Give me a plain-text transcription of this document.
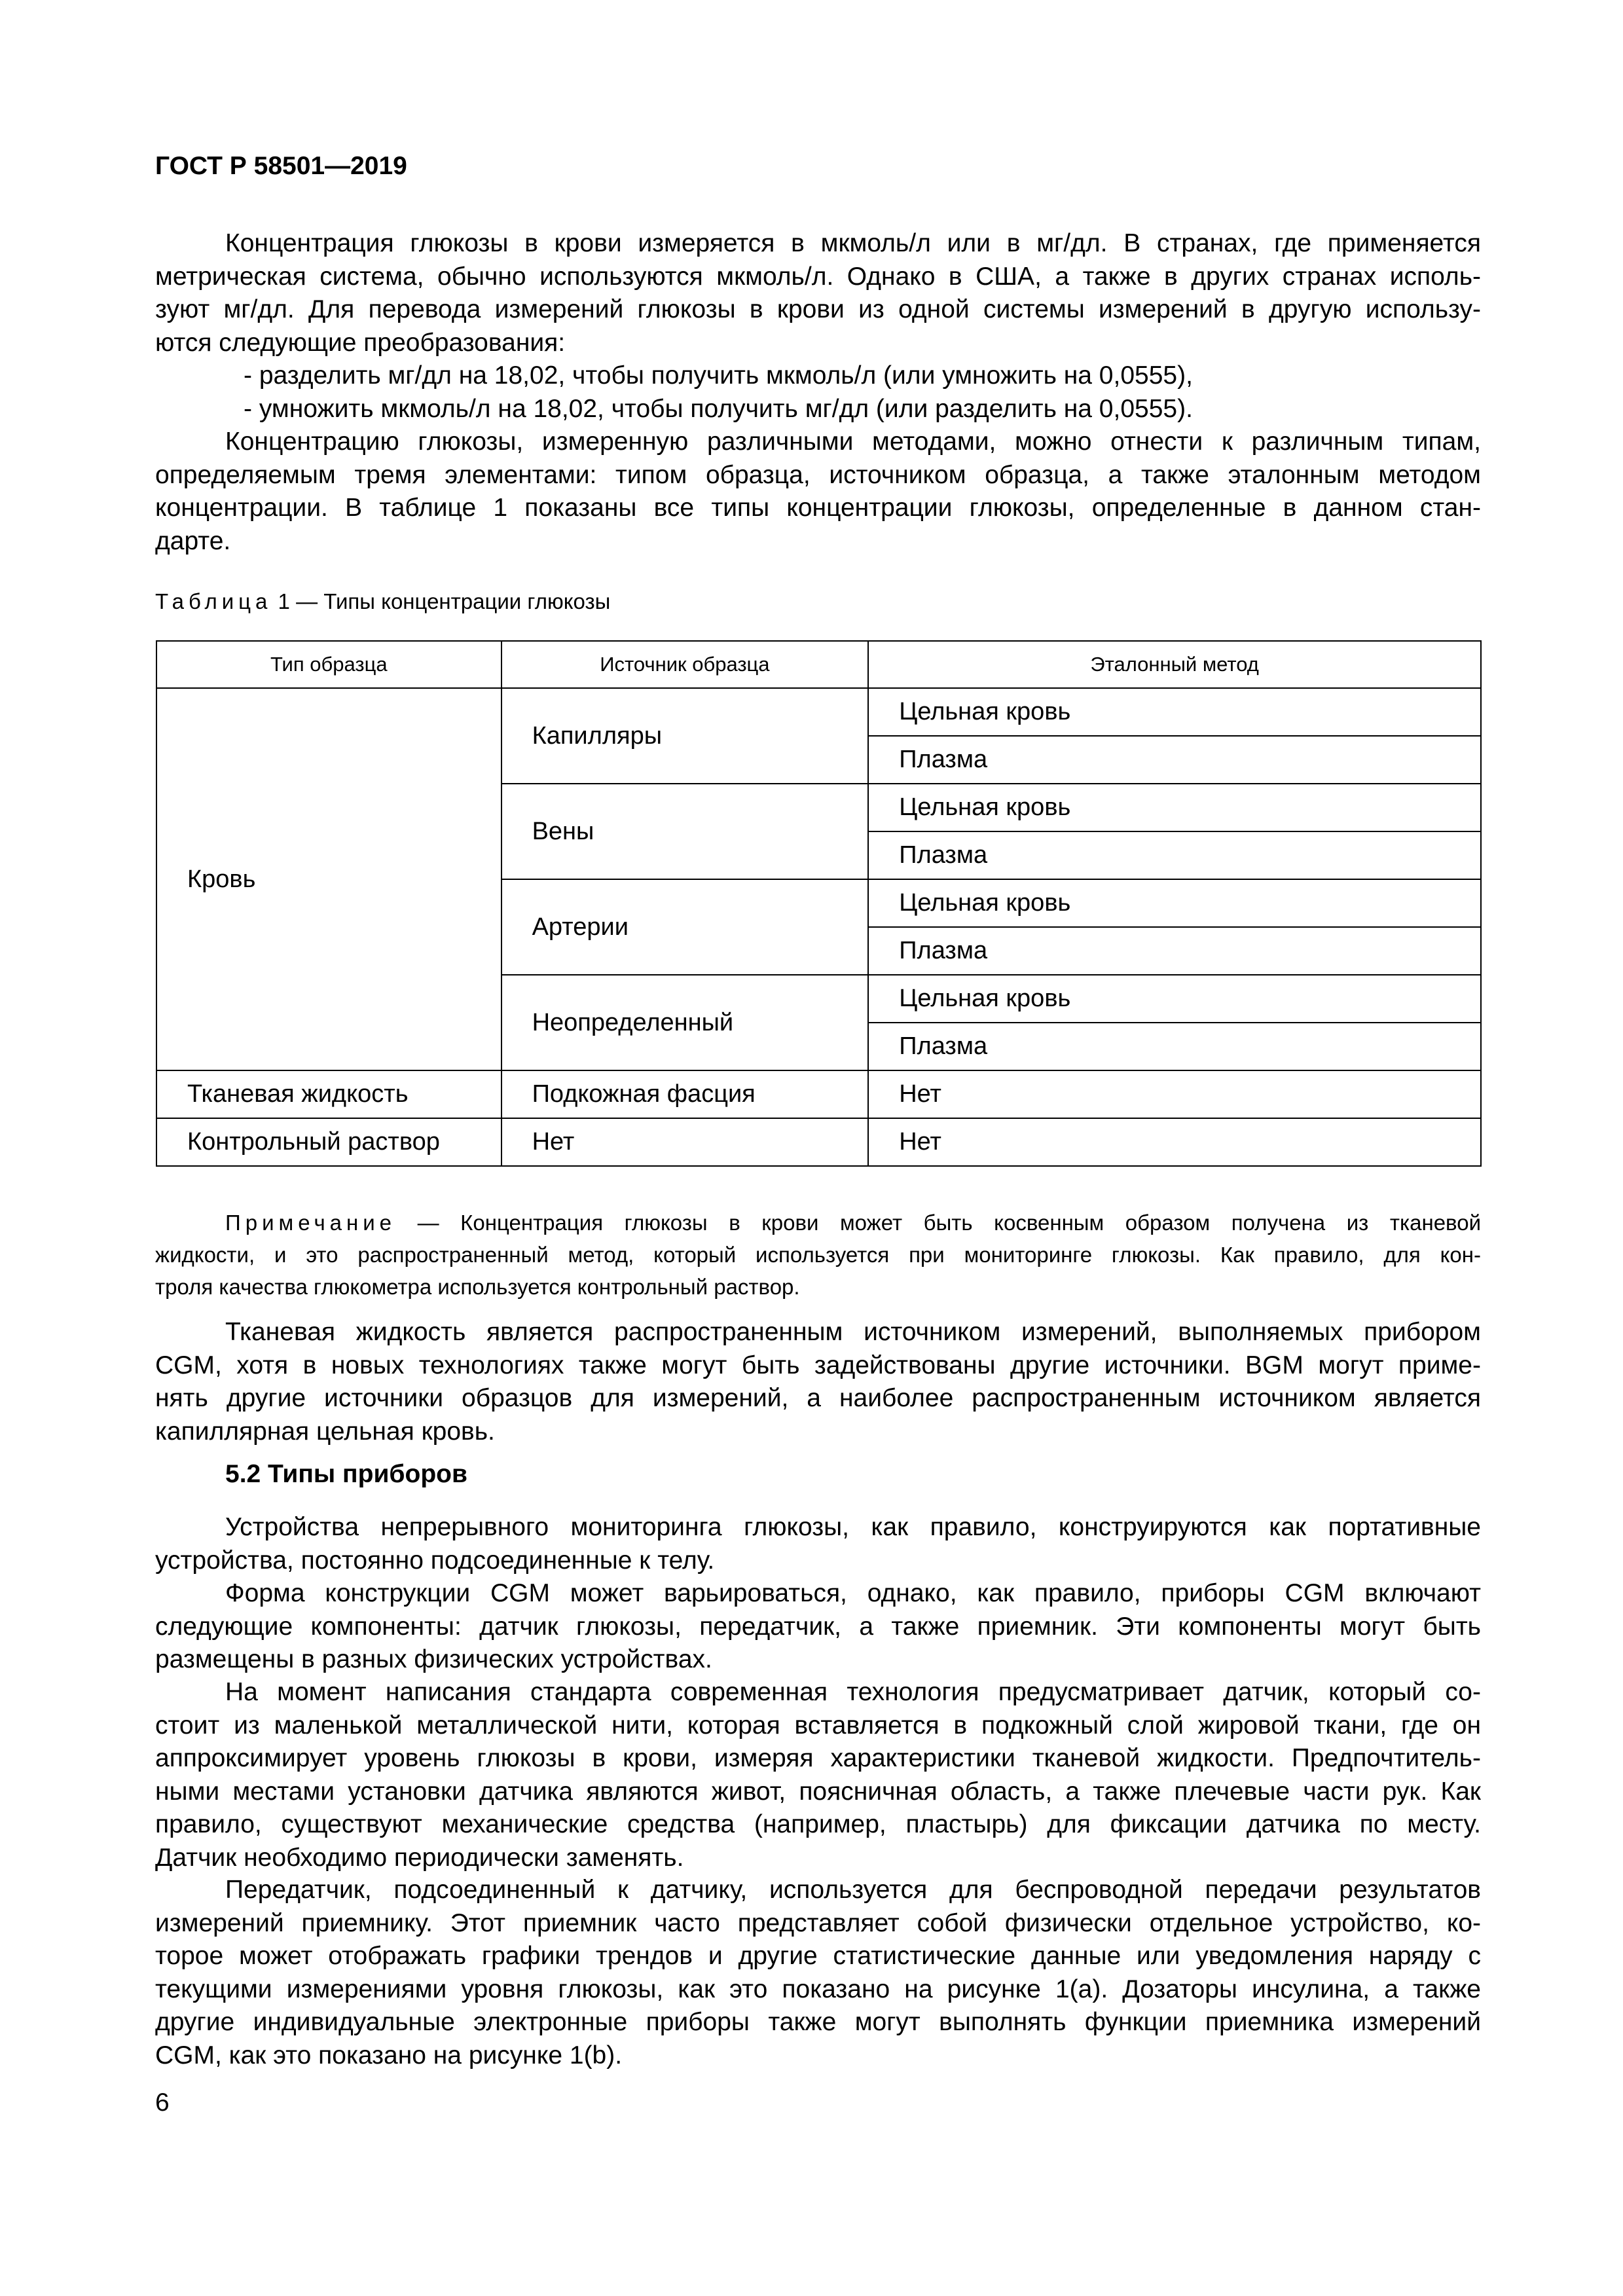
ГОСТ Р 58501—2019
Концентрация глюкозы в крови измеряется в мкмоль/л или в мг/дл. В странах, где применяется
метрическая система, обычно используются мкмоль/л. Однако в США, а также в других странах исполь-
зуют мг/дл. Для перевода измерений глюкозы в крови из одной системы измерений в другую использу-
ются следующие преобразования:
- разделить мг/дл на 18,02, чтобы получить мкмоль/л (или умножить на 0,0555),
- умножить мкмоль/л на 18,02, чтобы получить мг/дл (или разделить на 0,0555).
Концентрацию глюкозы, измеренную различными методами, можно отнести к различным типам,
определяемым тремя элементами: типом образца, источником образца, а также эталонным методом
концентрации. В таблице 1 показаны все типы концентрации глюкозы, определенные в данном стан-
дарте.
Таблица 1 — Типы концентрации глюкозы
Тип образца	Источник образца	Эталонный метод
Кровь	Капилляры	Цельная кровь
		Плазма
	Вены	Цельная кровь
		Плазма
	Артерии	Цельная кровь
		Плазма
	Неопределенный	Цельная кровь
		Плазма
Тканевая жидкость	Подкожная фасция	Нет
Контрольный раствор	Нет	Нет
Примечание — Концентрация глюкозы в крови может быть косвенным образом получена из тканевой
жидкости, и это распространенный метод, который используется при мониторинге глюкозы. Как правило, для кон-
троля качества глюкометра используется контрольный раствор.
Тканевая жидкость является распространенным источником измерений, выполняемых прибором
CGM, хотя в новых технологиях также могут быть задействованы другие источники. BGM могут приме-
нять другие источники образцов для измерений, а наиболее распространенным источником является
капиллярная цельная кровь.
5.2 Типы приборов
Устройства непрерывного мониторинга глюкозы, как правило, конструируются как портативные
устройства, постоянно подсоединенные к телу.
Форма конструкции CGM может варьироваться, однако, как правило, приборы CGM включают
следующие компоненты: датчик глюкозы, передатчик, а также приемник. Эти компоненты могут быть
размещены в разных физических устройствах.
На момент написания стандарта современная технология предусматривает датчик, который со-
стоит из маленькой металлической нити, которая вставляется в подкожный слой жировой ткани, где он
аппроксимирует уровень глюкозы в крови, измеряя характеристики тканевой жидкости. Предпочтитель-
ными местами установки датчика являются живот, поясничная область, а также плечевые части рук. Как
правило, существуют механические средства (например, пластырь) для фиксации датчика по месту.
Датчик необходимо периодически заменять.
Передатчик, подсоединенный к датчику, используется для беспроводной передачи результатов
измерений приемнику. Этот приемник часто представляет собой физически отдельное устройство, ко-
торое может отображать графики трендов и другие статистические данные или уведомления наряду с
текущими измерениями уровня глюкозы, как это показано на рисунке 1(а). Дозаторы инсулина, а также
другие индивидуальные электронные приборы также могут выполнять функции приемника измерений
CGM, как это показано на рисунке 1(b).
6
